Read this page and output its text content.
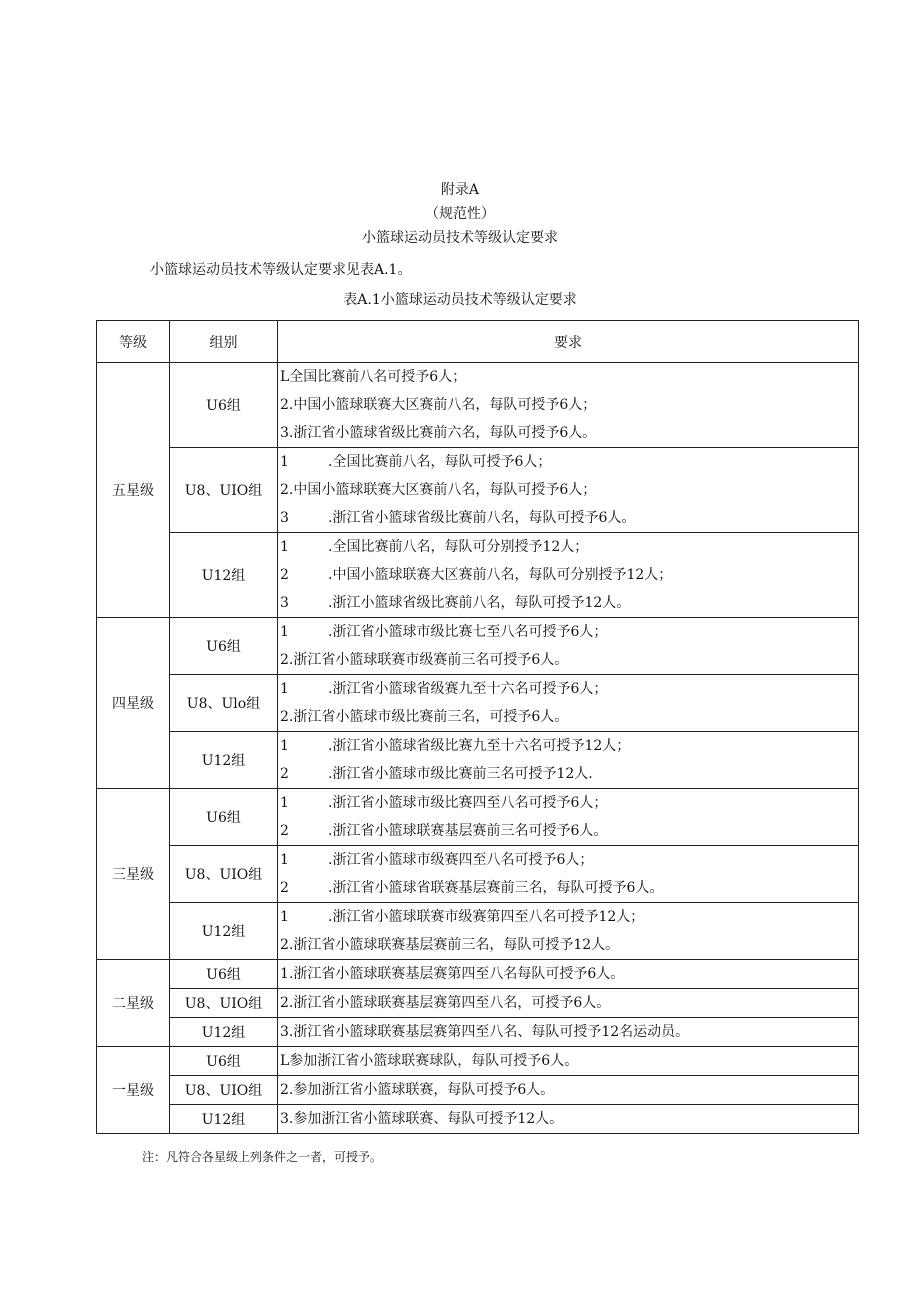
附录A
（规范性）
小篮球运动员技术等级认定要求
小篮球运动员技术等级认定要求见表A.1。
表A.1小篮球运动员技术等级认定要求
等级	组别	要求
五星级	U6组	L全国比赛前八名可授予6人；
2.中国小篮球联赛大区赛前八名，每队可授予6人；
3.浙江省小篮球省级比赛前六名，每队可授予6人。

	U8、UIO组	1 .全国比赛前八名，每队可授予6人；
2.中国小篮球联赛大区赛前八名，每队可授予6人；
3 .浙江省小篮球省级比赛前八名，每队可授予6人。

	U12组	1 .全国比赛前八名，每队可分别授予12人；
2 .中国小篮球联赛大区赛前八名，每队可分别授予12人；
3 .浙江小篮球省级比赛前八名，每队可授予12人。

四星级	U6组	1 .浙江省小篮球市级比赛七至八名可授予6人；
2.浙江省小篮球联赛市级赛前三名可授予6人。

	U8、Ulo组	1 .浙江省小篮球省级赛九至十六名可授予6人；
2.浙江省小篮球市级比赛前三名，可授予6人。

	U12组	1 .浙江省小篮球省级比赛九至十六名可授予12人；
2 .浙江省小篮球市级比赛前三名可授予12人.

三星级	U6组	1 .浙江省小篮球市级比赛四至八名可授予6人；
2 .浙江省小篮球联赛基层赛前三名可授予6人。

	U8、UIO组	1 .浙江省小篮球市级赛四至八名可授予6人；
2 .浙江省小篮球省联赛基层赛前三名，每队可授予6人。

	U12组	1 .浙江省小篮球联赛市级赛第四至八名可授予12人；
2.浙江省小篮球联赛基层赛前三名，每队可授予12人。

二星级	U6组	1.浙江省小篮球联赛基层赛第四至八名每队可授予6人。

	U8、UIO组	2.浙江省小篮球联赛基层赛第四至八名，可授予6人。

	U12组	3.浙江省小篮球联赛基层赛第四至八名、每队可授予12名运动员。

一星级	U6组	L参加浙江省小篮球联赛球队，每队可授予6人。

	U8、UIO组	2.参加浙江省小篮球联赛，每队可授予6人。

	U12组	3.参加浙江省小篮球联赛、每队可授予12人。
注：凡符合各星级上列条件之一者，可授予。
